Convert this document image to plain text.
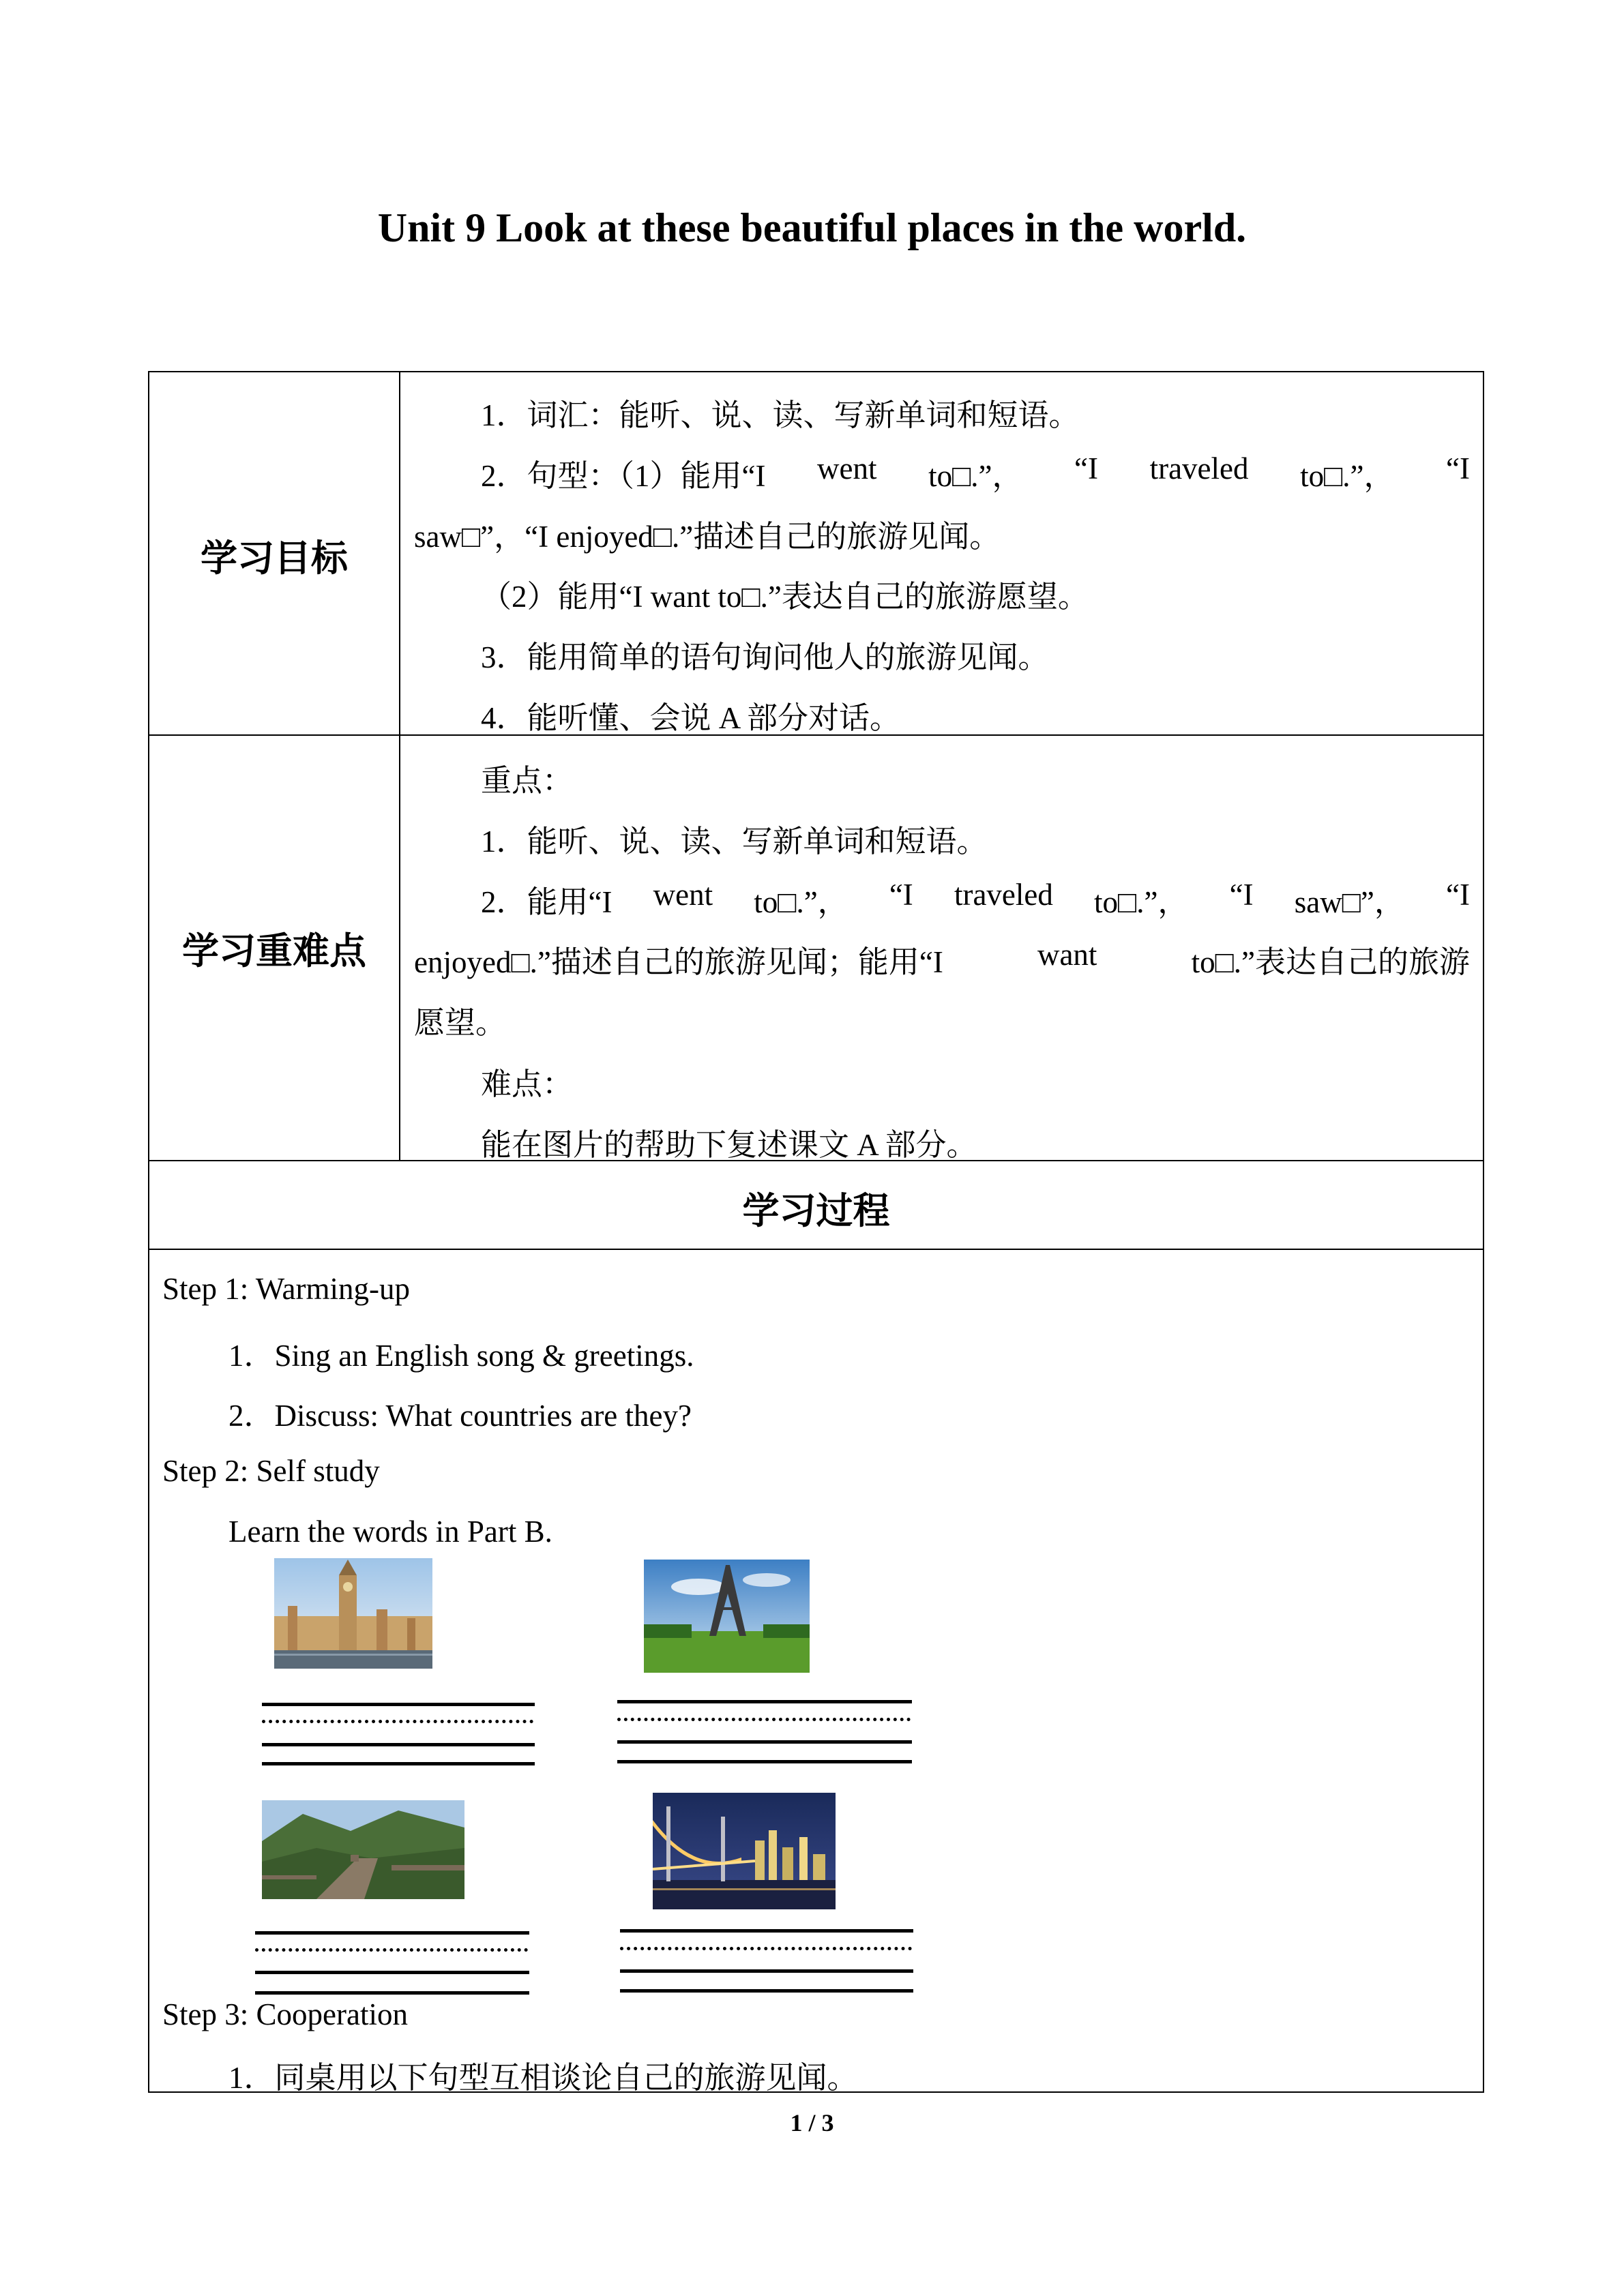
Unit 9 Look at these beautiful places in the world.
学习目标
1．词汇：能听、说、读、写新单词和短语。
2．句型：（1）能用“I went to□.”， “I traveled to□.”， “I
saw□”，“I enjoyed□.”描述自己的旅游见闻。
（2）能用“I want to□.”表达自己的旅游愿望。
3．能用简单的语句询问他人的旅游见闻。
4．能听懂、会说 A 部分对话。
学习重难点
重点：
1．能听、说、读、写新单词和短语。
2．能用“I went to□.”， “I traveled to□.”， “I saw□”， “I
enjoyed□.”描述自己的旅游见闻；能用“I	want	to□.”表达自己的旅游
愿望。
难点：
能在图片的帮助下复述课文 A 部分。
学习过程
Step 1: Warming-up
1．Sing an English song & greetings.
2．Discuss: What countries are they?
Step 2: Self study
Learn the words in Part B.
Step 3: Cooperation
1．同桌用以下句型互相谈论自己的旅游见闻。
1 / 3
